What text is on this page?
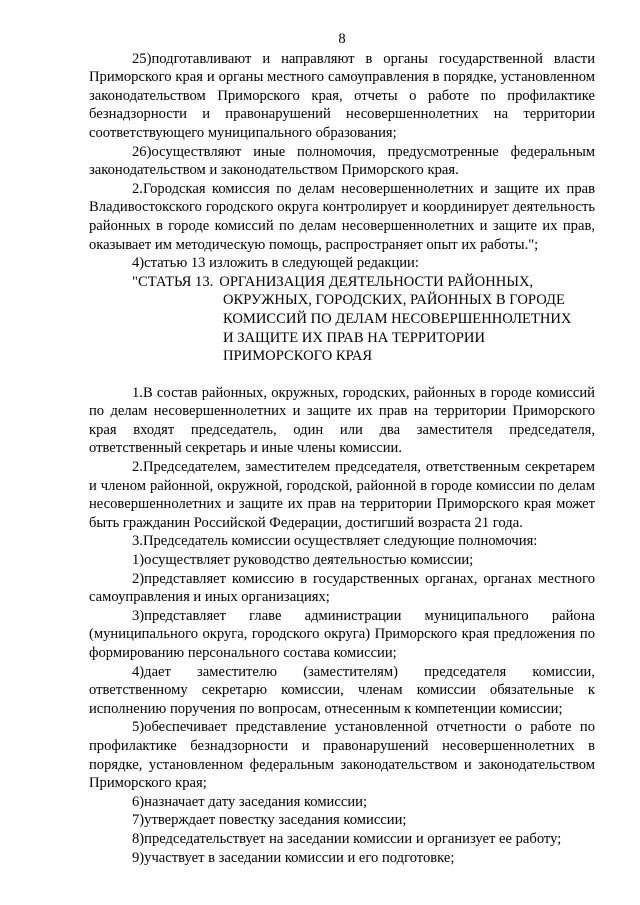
8

25)подготавливают и направляют в органы государственной власти Приморского края и органы местного самоуправления в порядке, установленном законодательством Приморского края, отчеты о работе по профилактике безнадзорности и правонарушений несовершеннолетних на территории соответствующего муниципального образования;

26)осуществляют иные полномочия, предусмотренные федеральным законодательством и законодательством Приморского края.

2.Городская комиссия по делам несовершеннолетних и защите их прав Владивостокского городского округа контролирует и координирует деятельность районных в городе комиссий по делам несовершеннолетних и защите их прав, оказывает им методическую помощь, распространяет опыт их работы.";

4)статью 13 изложить в следующей редакции:

"СТАТЬЯ 13. ОРГАНИЗАЦИЯ ДЕЯТЕЛЬНОСТИ РАЙОННЫХ,
ОКРУЖНЫХ, ГОРОДСКИХ, РАЙОННЫХ В ГОРОДЕ
КОМИССИЙ ПО ДЕЛАМ НЕСОВЕРШЕННОЛЕТНИХ
И ЗАЩИТЕ ИХ ПРАВ НА ТЕРРИТОРИИ
ПРИМОРСКОГО КРАЯ

1.В состав районных, окружных, городских, районных в городе комиссий по делам несовершеннолетних и защите их прав на территории Приморского края входят председатель, один или два заместителя председателя, ответственный секретарь и иные члены комиссии.

2.Председателем, заместителем председателя, ответственным секретарем и членом районной, окружной, городской, районной в городе комиссии по делам несовершеннолетних и защите их прав на территории Приморского края может быть гражданин Российской Федерации, достигший возраста 21 года.

3.Председатель комиссии осуществляет следующие полномочия:

1)осуществляет руководство деятельностью комиссии;

2)представляет комиссию в государственных органах, органах местного самоуправления и иных организациях;

3)представляет главе администрации муниципального района (муниципального округа, городского округа) Приморского края предложения по формированию персонального состава комиссии;

4)дает заместителю (заместителям) председателя комиссии, ответственному секретарю комиссии, членам комиссии обязательные к исполнению поручения по вопросам, отнесенным к компетенции комиссии;

5)обеспечивает представление установленной отчетности о работе по профилактике безнадзорности и правонарушений несовершеннолетних в порядке, установленном федеральным законодательством и законодательством Приморского края;

6)назначает дату заседания комиссии;

7)утверждает повестку заседания комиссии;

8)председательствует на заседании комиссии и организует ее работу;

9)участвует в заседании комиссии и его подготовке;
